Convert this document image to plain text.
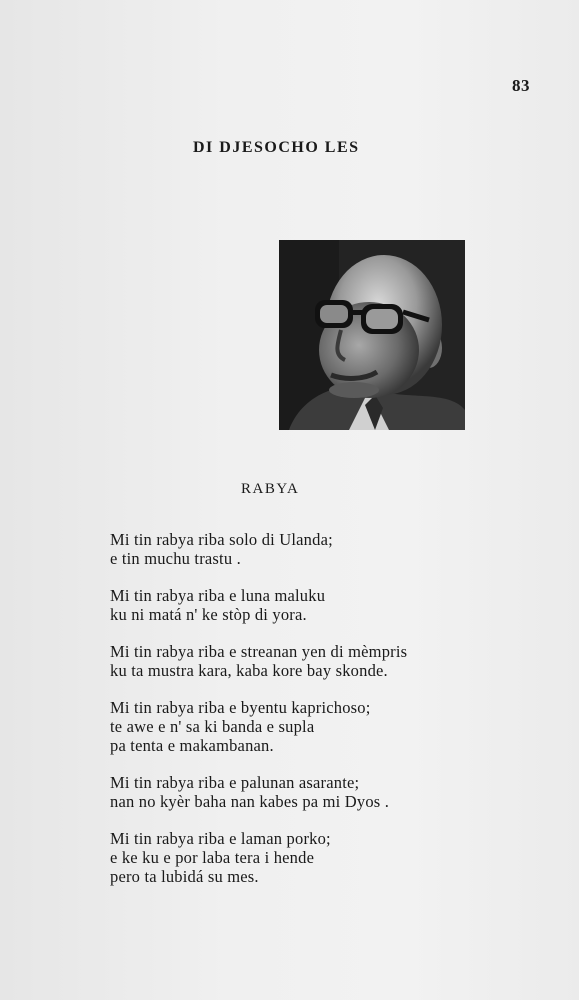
83
DI DJESOCHO LES
RABYA
Mi tin rabya riba solo di Ulanda;
e tin muchu trastu .
Mi tin rabya riba e luna maluku
ku ni matá n' ke stòp di yora.
Mi tin rabya riba e streanan yen di mèmpris
ku ta mustra kara, kaba kore bay skonde.
Mi tin rabya riba e byentu kaprichoso;
te awe e n' sa ki banda e supla
pa tenta e makambanan.
Mi tin rabya riba e palunan asarante;
nan no kyèr baha nan kabes pa mi Dyos .
Mi tin rabya riba e laman porko;
e ke ku e por laba tera i hende
pero ta lubidá su mes.
